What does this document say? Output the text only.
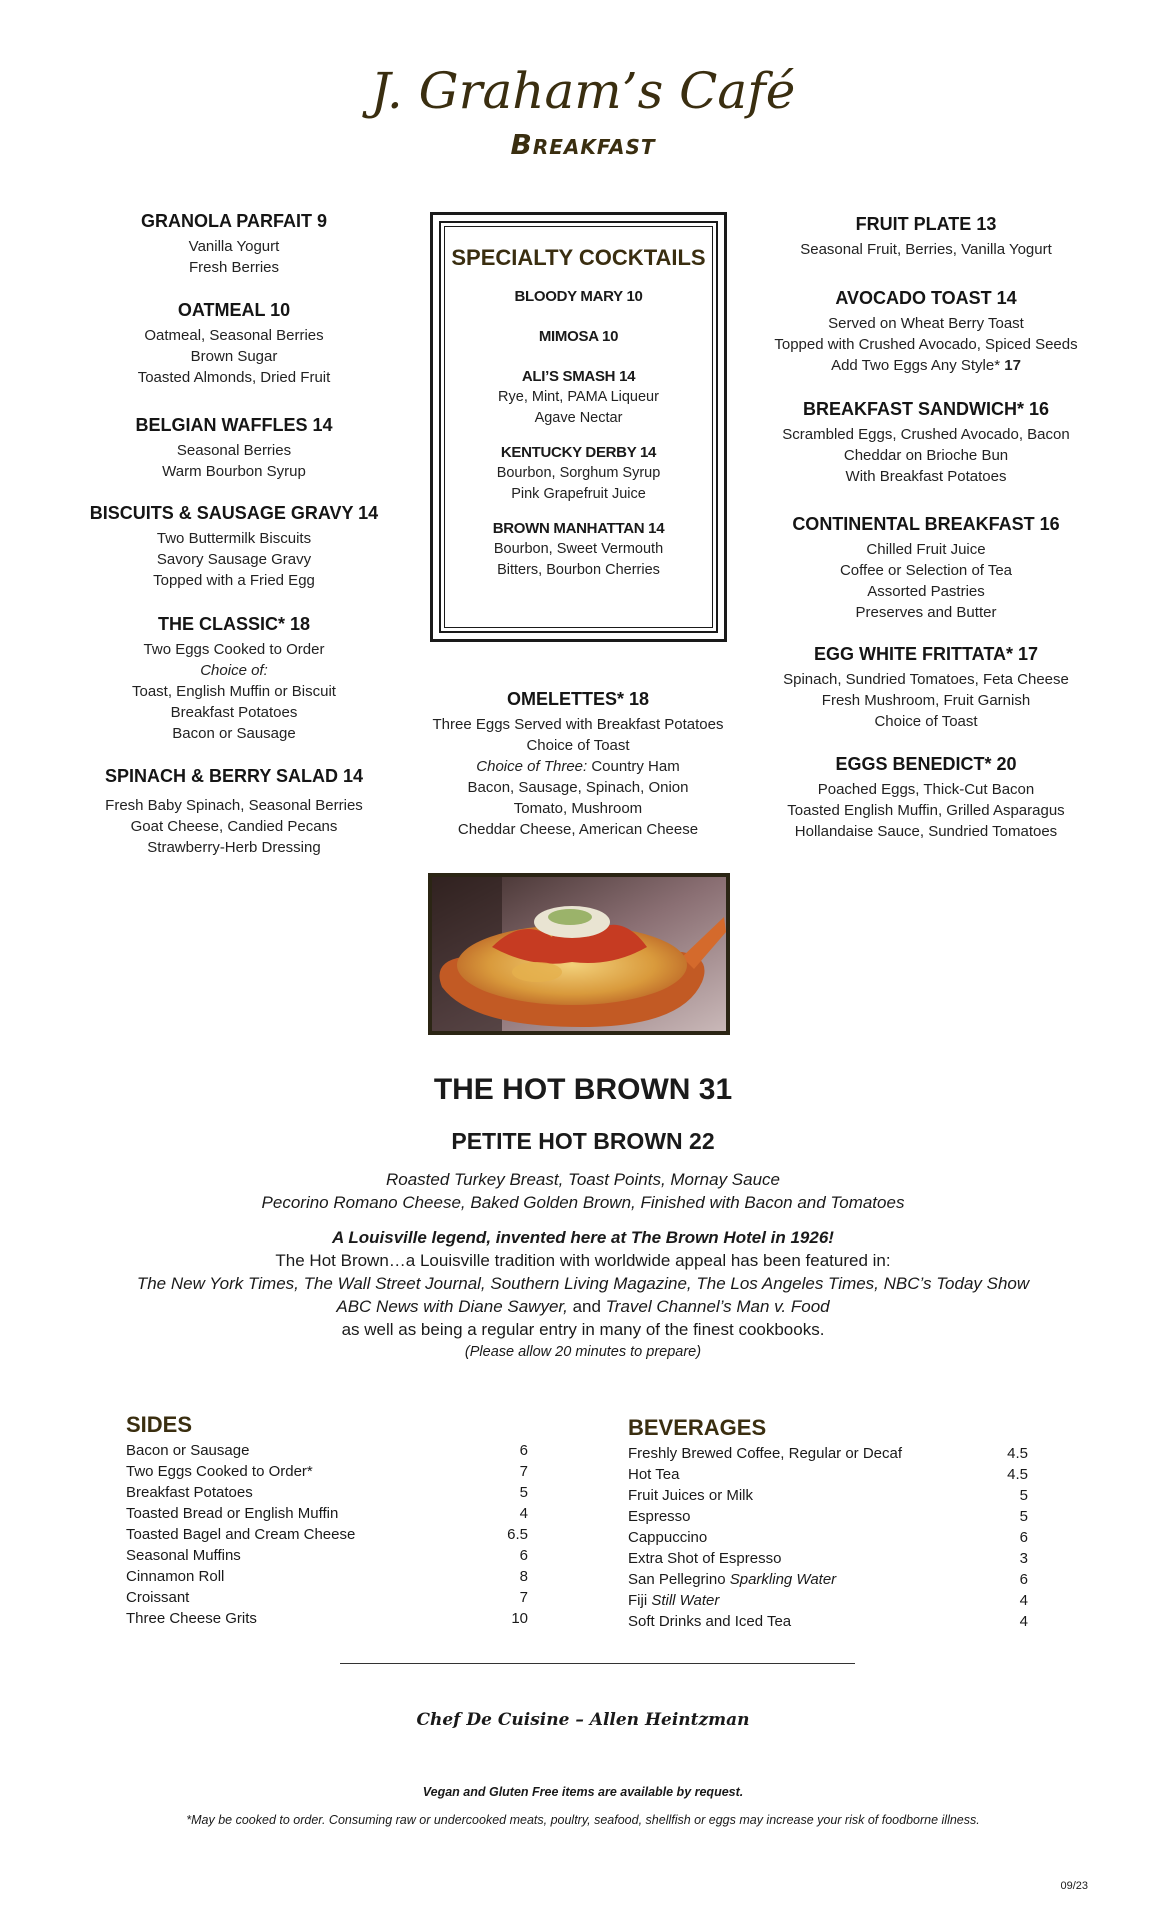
J. Graham’s Café
Breakfast
GRANOLA PARFAIT 9
Vanilla Yogurt
Fresh Berries
OATMEAL 10
Oatmeal, Seasonal Berries
Brown Sugar
Toasted Almonds, Dried Fruit
BELGIAN WAFFLES 14
Seasonal Berries
Warm Bourbon Syrup
BISCUITS & SAUSAGE GRAVY 14
Two Buttermilk Biscuits
Savory Sausage Gravy
Topped with a Fried Egg
THE CLASSIC* 18
Two Eggs Cooked to Order
Choice of:
Toast, English Muffin or Biscuit
Breakfast Potatoes
Bacon or Sausage
SPINACH & BERRY SALAD 14
Fresh Baby Spinach, Seasonal Berries
Goat Cheese, Candied Pecans
Strawberry-Herb Dressing
SPECIALTY COCKTAILS
BLOODY MARY 10
MIMOSA 10
ALI’S SMASH 14
Rye, Mint, PAMA Liqueur
Agave Nectar
KENTUCKY DERBY 14
Bourbon, Sorghum Syrup
Pink Grapefruit Juice
BROWN MANHATTAN 14
Bourbon, Sweet Vermouth
Bitters, Bourbon Cherries
OMELETTES* 18
Three Eggs Served with Breakfast Potatoes
Choice of Toast
Choice of Three: Country Ham
Bacon, Sausage, Spinach, Onion
Tomato, Mushroom
Cheddar Cheese, American Cheese
FRUIT PLATE 13
Seasonal Fruit, Berries, Vanilla Yogurt
AVOCADO TOAST 14
Served on Wheat Berry Toast
Topped with Crushed Avocado, Spiced Seeds
Add Two Eggs Any Style* 17
BREAKFAST SANDWICH* 16
Scrambled Eggs, Crushed Avocado, Bacon
Cheddar on Brioche Bun
With Breakfast Potatoes
CONTINENTAL BREAKFAST 16
Chilled Fruit Juice
Coffee or Selection of Tea
Assorted Pastries
Preserves and Butter
EGG WHITE FRITTATA* 17
Spinach, Sundried Tomatoes, Feta Cheese
Fresh Mushroom, Fruit Garnish
Choice of Toast
EGGS BENEDICT* 20
Poached Eggs, Thick-Cut Bacon
Toasted English Muffin, Grilled Asparagus
Hollandaise Sauce, Sundried Tomatoes
THE HOT BROWN 31
PETITE HOT BROWN 22
Roasted Turkey Breast, Toast Points, Mornay Sauce
Pecorino Romano Cheese, Baked Golden Brown, Finished with Bacon and Tomatoes
A Louisville legend, invented here at The Brown Hotel in 1926!
The Hot Brown…a Louisville tradition with worldwide appeal has been featured in:
The New York Times, The Wall Street Journal, Southern Living Magazine, The Los Angeles Times, NBC’s Today Show
ABC News with Diane Sawyer, and Travel Channel’s Man v. Food
as well as being a regular entry in many of the finest cookbooks.
(Please allow 20 minutes to prepare)
SIDES
Bacon or Sausage	6
Two Eggs Cooked to Order*	7
Breakfast Potatoes	5
Toasted Bread or English Muffin	4
Toasted Bagel and Cream Cheese	6.5
Seasonal Muffins	6
Cinnamon Roll	8
Croissant	7
Three Cheese Grits	10
BEVERAGES
Freshly Brewed Coffee, Regular or Decaf	4.5
Hot Tea	4.5
Fruit Juices or Milk	5
Espresso	5
Cappuccino	6
Extra Shot of Espresso	3
San Pellegrino Sparkling Water	6
Fiji Still Water	4
Soft Drinks and Iced Tea	4
Chef De Cuisine – Allen Heintzman
Vegan and Gluten Free items are available by request.
*May be cooked to order. Consuming raw or undercooked meats, poultry, seafood, shellfish or eggs may increase your risk of foodborne illness.
09/23
